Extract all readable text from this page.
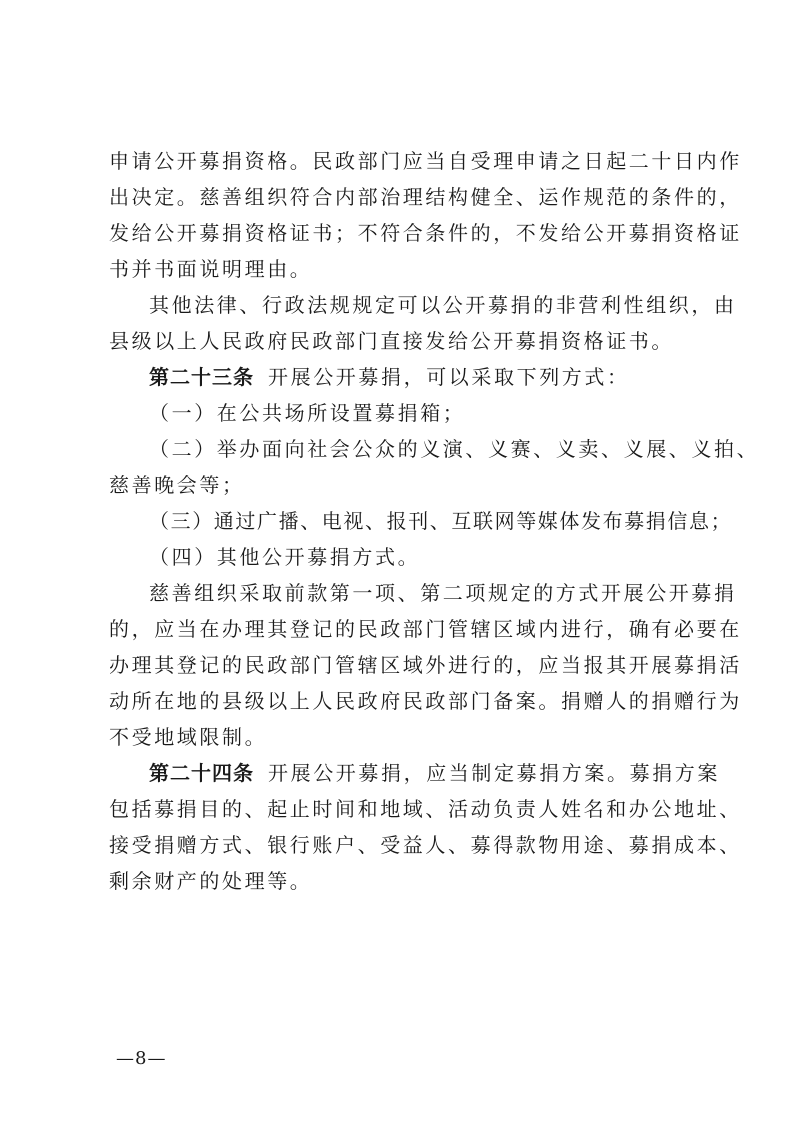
申请公开募捐资格。民政部门应当自受理申请之日起二十日内作
出决定。慈善组织符合内部治理结构健全、运作规范的条件的，
发给公开募捐资格证书；不符合条件的，不发给公开募捐资格证
书并书面说明理由。
其他法律、行政法规规定可以公开募捐的非营利性组织，由
县级以上人民政府民政部门直接发给公开募捐资格证书。
第二十三条 开展公开募捐，可以采取下列方式：
（一）在公共场所设置募捐箱；
（二）举办面向社会公众的义演、义赛、义卖、义展、义拍、
慈善晚会等；
（三）通过广播、电视、报刊、互联网等媒体发布募捐信息；
（四）其他公开募捐方式。
慈善组织采取前款第一项、第二项规定的方式开展公开募捐
的，应当在办理其登记的民政部门管辖区域内进行，确有必要在
办理其登记的民政部门管辖区域外进行的，应当报其开展募捐活
动所在地的县级以上人民政府民政部门备案。捐赠人的捐赠行为
不受地域限制。
第二十四条 开展公开募捐，应当制定募捐方案。募捐方案
包括募捐目的、起止时间和地域、活动负责人姓名和办公地址、
接受捐赠方式、银行账户、受益人、募得款物用途、募捐成本、
剩余财产的处理等。
—8—
